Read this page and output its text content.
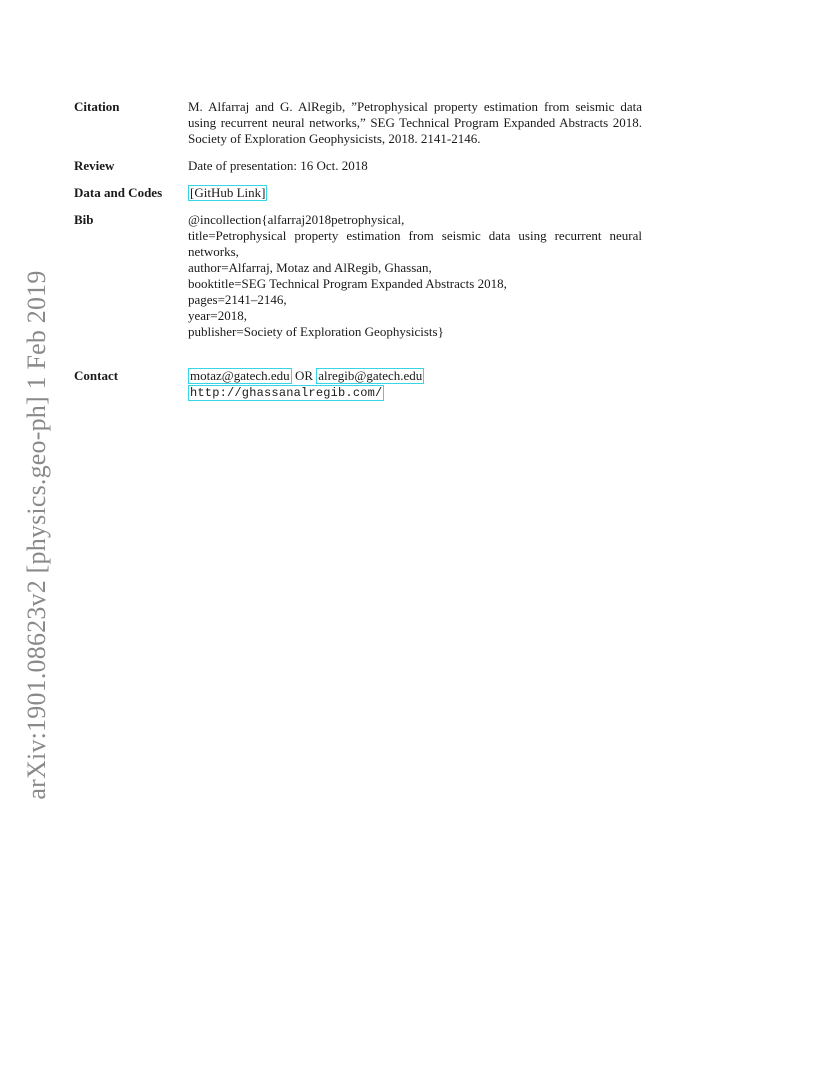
arXiv:1901.08623v2 [physics.geo-ph] 1 Feb 2019
Citation	M. Alfarraj and G. AlRegib, ”Petrophysical property estimation from seismic data using recurrent neural networks,” SEG Technical Program Expanded Abstracts 2018. Society of Exploration Geophysicists, 2018. 2141-2146.
Review	Date of presentation: 16 Oct. 2018
Data and Codes [GitHub Link]
Bib	@incollection{alfarraj2018petrophysical,
title=Petrophysical property estimation from seismic data using recurrent neural
networks,
author=Alfarraj, Motaz and AlRegib, Ghassan,
booktitle=SEG Technical Program Expanded Abstracts 2018,
pages=2141–2146,
year=2018,
publisher=Society of Exploration Geophysicists}
Contact	motaz@gatech.edu OR alregib@gatech.edu
http://ghassanalregib.com/
